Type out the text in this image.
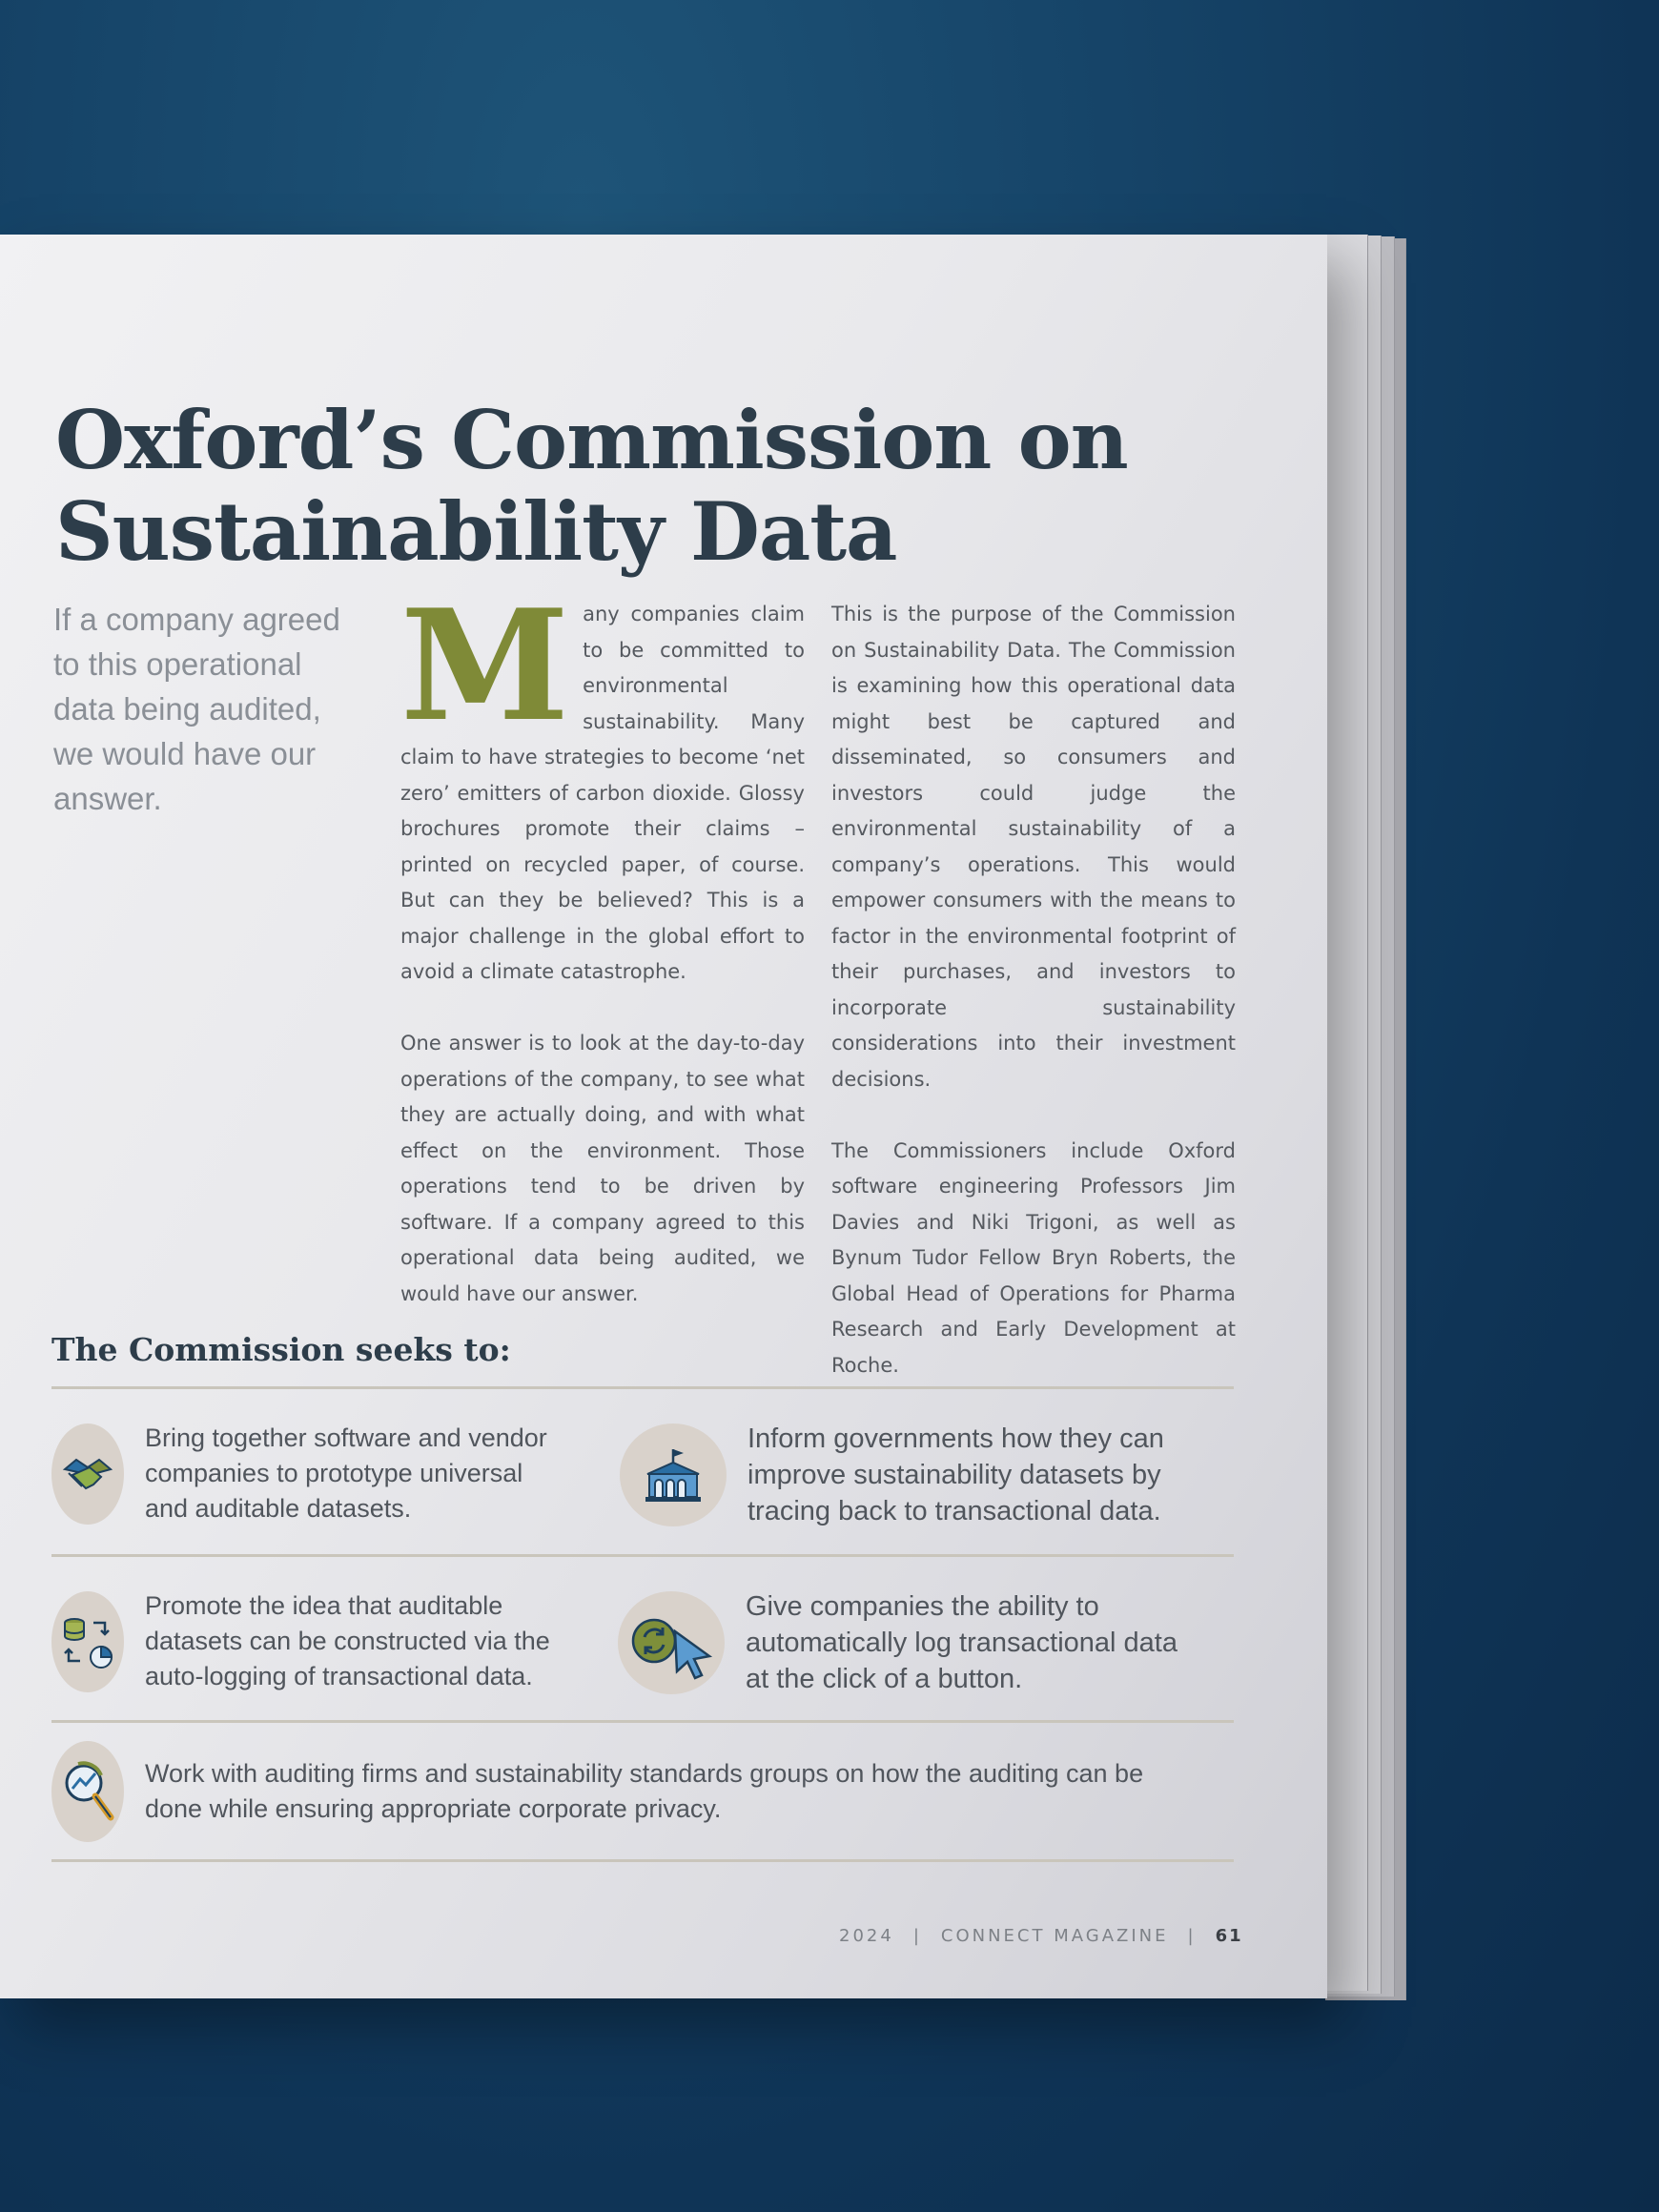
Oxford’s Commission on
Sustainability Data
If a company agreed to this operational data being audited, we would have our answer.

Many companies claim to be committed to environmental sustainability. Many claim to have strategies to become ‘net zero’ emitters of carbon dioxide. Glossy brochures promote their claims – printed on recycled paper, of course. But can they be believed? This is a major challenge in the global effort to avoid a climate catastrophe.

One answer is to look at the day-to-day operations of the company, to see what they are actually doing, and with what effect on the environment. Those operations tend to be driven by software. If a company agreed to this operational data being audited, we would have our answer.

This is the purpose of the Commission on Sustainability Data. The Commission is examining how this operational data might best be captured and disseminated, so consumers and investors could judge the environmental sustainability of a company’s operations. This would empower consumers with the means to factor in the environmental footprint of their purchases, and investors to incorporate sustainability considerations into their investment decisions.

The Commissioners include Oxford software engineering Professors Jim Davies and Niki Trigoni, as well as Bynum Tudor Fellow Bryn Roberts, the Global Head of Operations for Pharma Research and Early Development at Roche.

The Commission seeks to:
Bring together software and vendor companies to prototype universal and auditable datasets.
Inform governments how they can improve sustainability datasets by tracing back to transactional data.
Promote the idea that auditable datasets can be constructed via the auto-logging of transactional data.
Give companies the ability to automatically log transactional data at the click of a button.
Work with auditing firms and sustainability standards groups on how the auditing can be done while ensuring appropriate corporate privacy.
2024 | CONNECT MAGAZINE | 61
